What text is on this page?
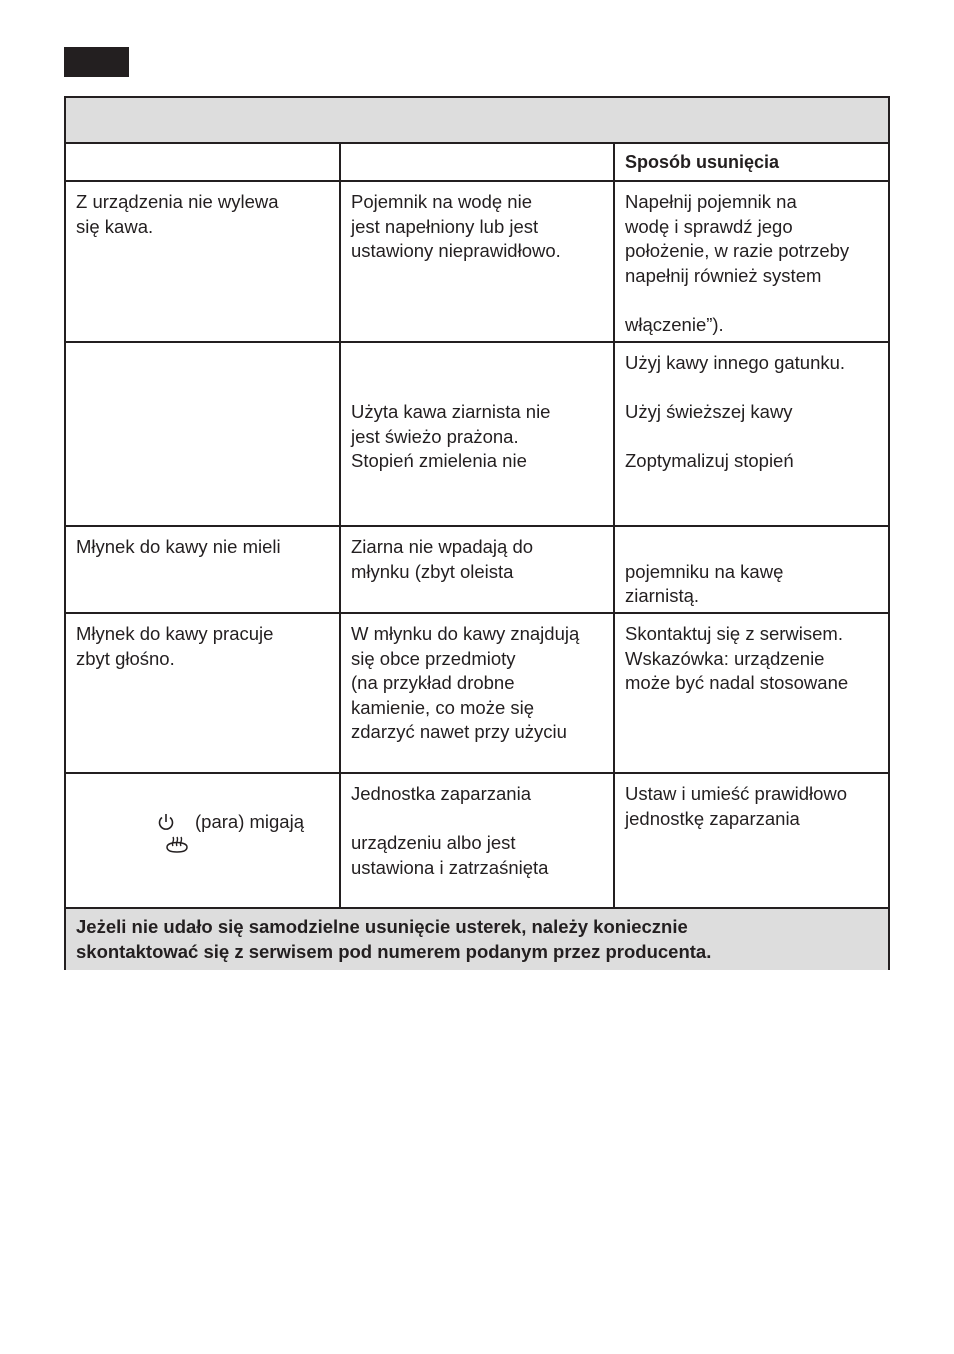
Sposób usunięcia
Z urządzenia nie wylewa
się kawa.
Pojemnik na wodę nie
jest napełniony lub jest
ustawiony nieprawidłowo.
Napełnij pojemnik na
wodę i sprawdź jego
położenie, w razie potrzeby
napełnij również system

włączenie”).

Użyta kawa ziarnista nie
jest świeżo prażona.
Stopień zmielenia nie
Użyj kawy innego gatunku.

Użyj świeższej kawy

Zoptymalizuj stopień
Młynek do kawy nie mieli	Ziarna nie wpadają do
młynku (zbyt oleista	
pojemniku na kawę
ziarnistą.
Młynek do kawy pracuje
zbyt głośno.
W młynku do kawy znajdują
się obce przedmioty
(na przykład drobne
kamienie, co może się
zdarzyć nawet przy użyciu
Skontaktuj się z serwisem.
Wskazówka: urządzenie
może być nadal stosowane

(para) migają

Jednostka zaparzania

urządzeniu albo jest
ustawiona i zatrzaśnięta
Ustaw i umieść prawidłowo
jednostkę zaparzania
Jeżeli nie udało się samodzielne usunięcie usterek, należy koniecznie
skontaktować się z serwisem pod numerem podanym przez producenta.
